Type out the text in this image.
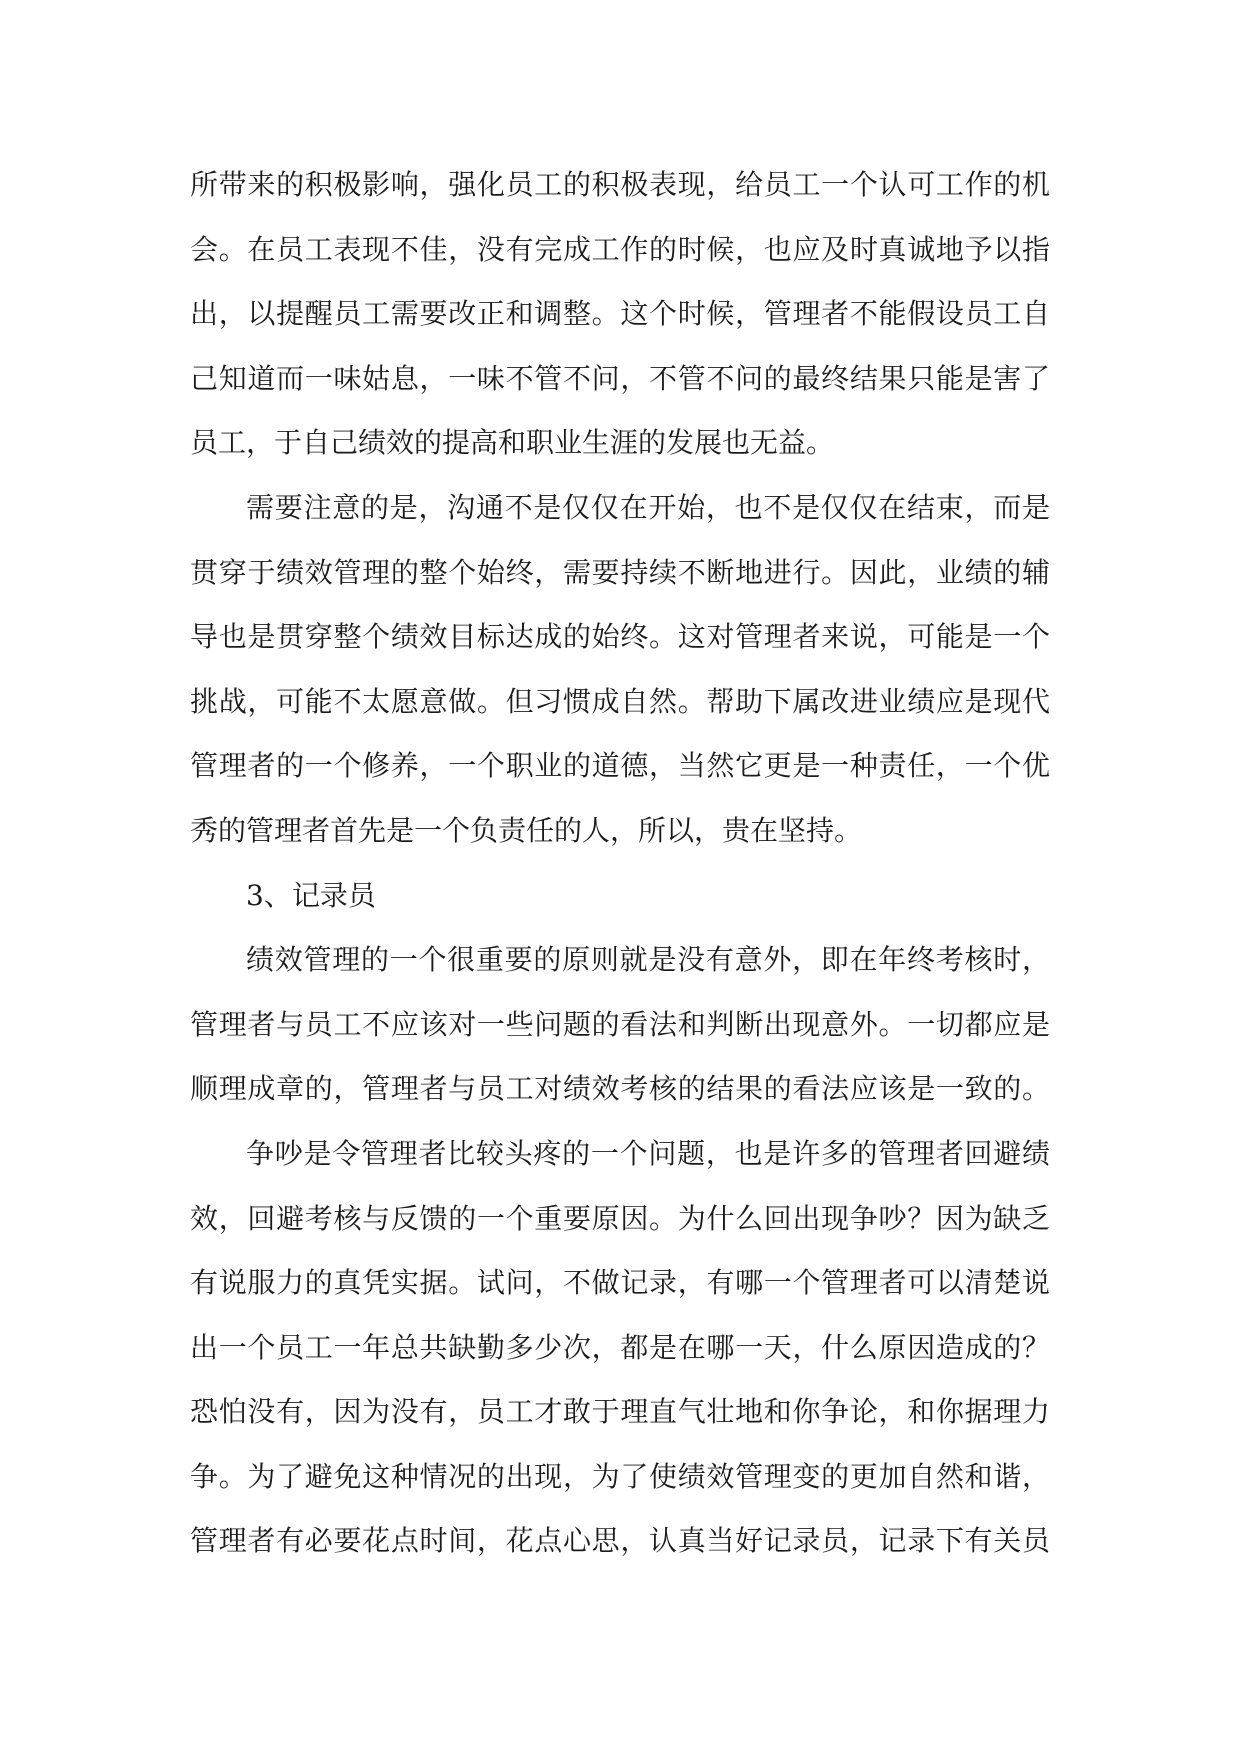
所带来的积极影响，强化员工的积极表现，给员工一个认可工作的机
会。在员工表现不佳，没有完成工作的时候，也应及时真诚地予以指
出，以提醒员工需要改正和调整。这个时候，管理者不能假设员工自
己知道而一味姑息，一味不管不问，不管不问的最终结果只能是害了
员工，于自己绩效的提高和职业生涯的发展也无益。
需要注意的是，沟通不是仅仅在开始，也不是仅仅在结束，而是
贯穿于绩效管理的整个始终，需要持续不断地进行。因此，业绩的辅
导也是贯穿整个绩效目标达成的始终。这对管理者来说，可能是一个
挑战，可能不太愿意做。但习惯成自然。帮助下属改进业绩应是现代
管理者的一个修养，一个职业的道德，当然它更是一种责任，一个优
秀的管理者首先是一个负责任的人，所以，贵在坚持。
3、记录员
绩效管理的一个很重要的原则就是没有意外，即在年终考核时，
管理者与员工不应该对一些问题的看法和判断出现意外。一切都应是
顺理成章的，管理者与员工对绩效考核的结果的看法应该是一致的。
争吵是令管理者比较头疼的一个问题，也是许多的管理者回避绩
效，回避考核与反馈的一个重要原因。为什么回出现争吵？因为缺乏
有说服力的真凭实据。试问，不做记录，有哪一个管理者可以清楚说
出一个员工一年总共缺勤多少次，都是在哪一天，什么原因造成的？
恐怕没有，因为没有，员工才敢于理直气壮地和你争论，和你据理力
争。为了避免这种情况的出现，为了使绩效管理变的更加自然和谐，
管理者有必要花点时间，花点心思，认真当好记录员，记录下有关员
